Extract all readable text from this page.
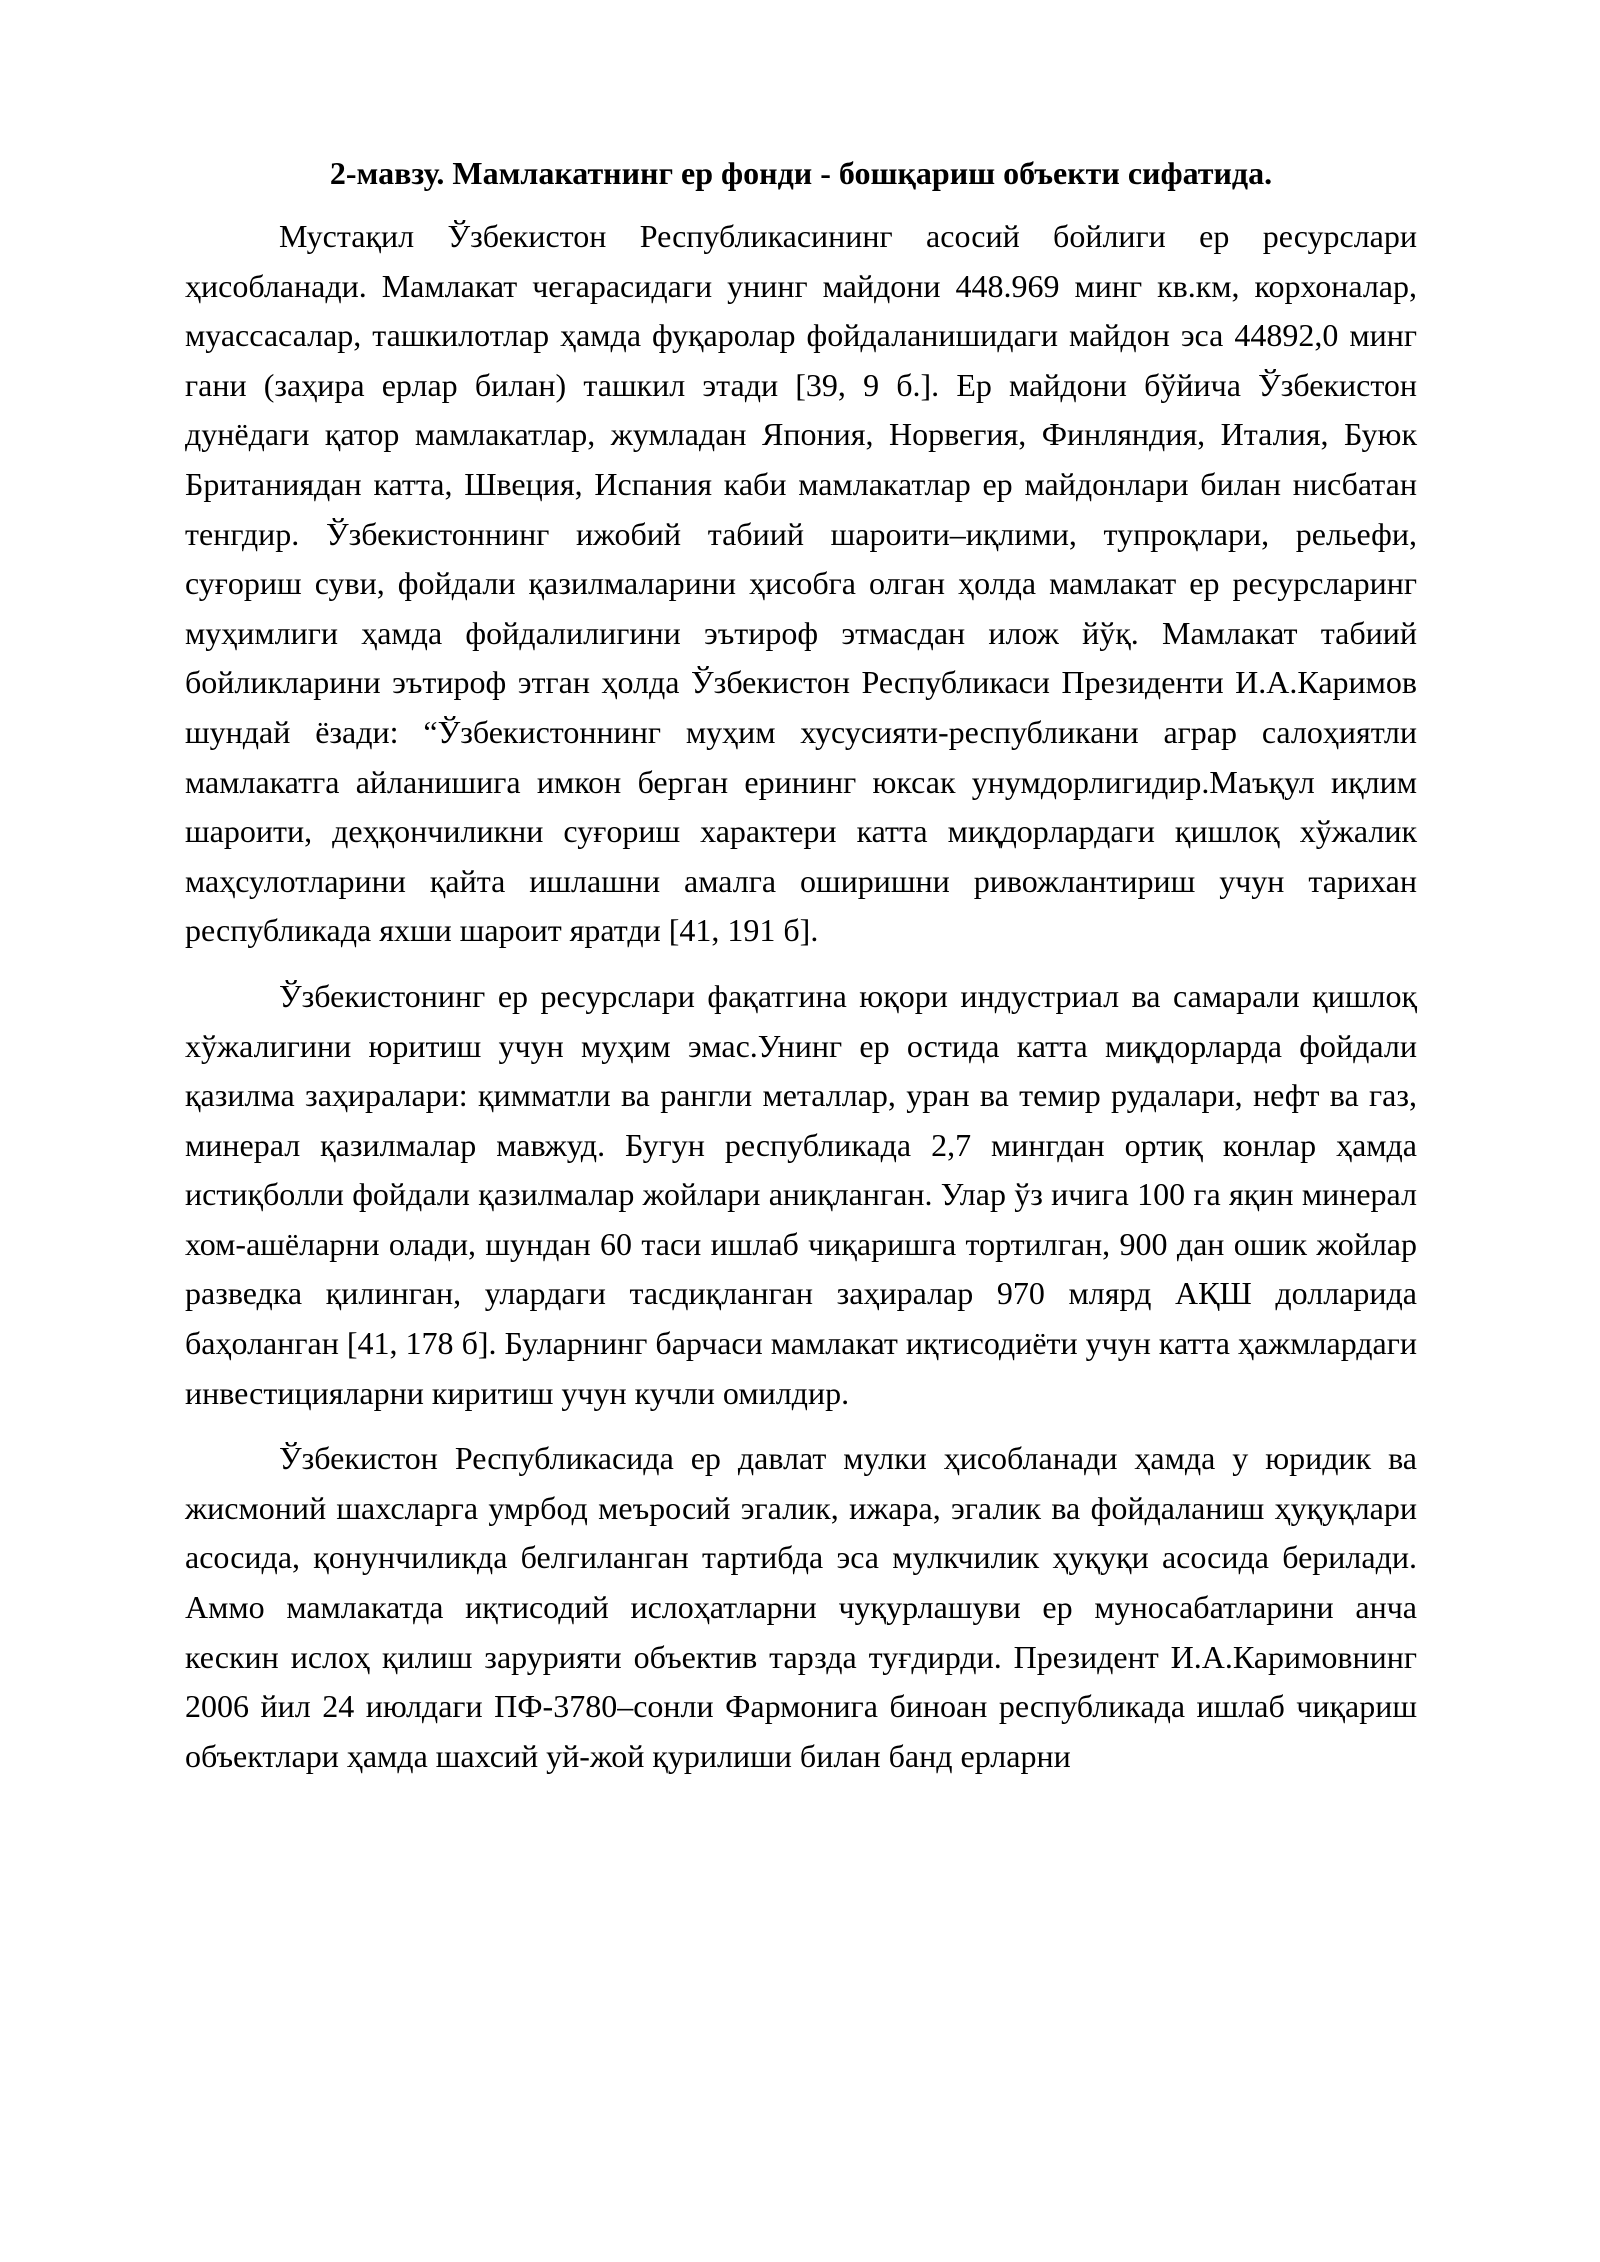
2-мавзу. Мамлакатнинг ер фонди - бошқариш объекти сифатида.

Мустақил Ўзбекистон Республикасининг асосий бойлиги ер ресурслари ҳисобланади. Мамлакат чегарасидаги унинг майдони 448.969 минг кв.км, корхоналар, муассасалар, ташкилотлар ҳамда фуқаролар фойдаланишидаги майдон эса 44892,0 минг гани (заҳира ерлар билан) ташкил этади [39, 9 б.]. Ер майдони бўйича Ўзбекистон дунёдаги қатор мамлакатлар, жумладан Япония, Норвегия, Финляндия, Италия, Буюк Британиядан катта, Швеция, Испания каби мамлакатлар ер майдонлари билан нисбатан тенгдир. Ўзбекистоннинг ижобий табиий шароити–иқлими, тупроқлари, рельефи, суғориш суви, фойдали қазилмаларини ҳисобга олган ҳолда мамлакат ер ресурсларинг муҳимлиги ҳамда фойдалилигини эътироф этмасдан илож йўқ. Мамлакат табиий бойликларини эътироф этган ҳолда Ўзбекистон Республикаси Президенти И.А.Каримов шундай ёзади: “Ўзбекистоннинг муҳим хусусияти-республикани аграр салоҳиятли мамлакатга айланишига имкон берган ерининг юксак унумдорлигидир.Маъқул иқлим шароити, деҳқончиликни суғориш характери катта миқдорлардаги қишлоқ хўжалик маҳсулотларини қайта ишлашни амалга оширишни ривожлантириш учун тарихан республикада яхши шароит яратди [41, 191 б].

Ўзбекистонинг ер ресурслари фақатгина юқори индустриал ва самарали қишлоқ хўжалигини юритиш учун муҳим эмас.Унинг ер остида катта миқдорларда фойдали қазилма заҳиралари: қимматли ва рангли металлар, уран ва темир рудалари, нефт ва газ, минерал қазилмалар мавжуд. Бугун республикада 2,7 мингдан ортиқ конлар ҳамда истиқболли фойдали қазилмалар жойлари аниқланган. Улар ўз ичига 100 га яқин минерал хом-ашёларни олади, шундан 60 таси ишлаб чиқаришга тортилган, 900 дан ошик жойлар разведка қилинган, улардаги тасдиқланган заҳиралар 970 млярд АҚШ долларида баҳоланган [41, 178 б]. Буларнинг барчаси мамлакат иқтисодиёти учун катта ҳажмлардаги инвестицияларни киритиш учун кучли омилдир.

Ўзбекистон Республикасида ер давлат мулки ҳисобланади ҳамда у юридик ва жисмоний шахсларга умрбод меъросий эгалик, ижара, эгалик ва фойдаланиш ҳуқуқлари асосида, қонунчиликда белгиланган тартибда эса мулкчилик ҳуқуқи асосида берилади. Аммо мамлакатда иқтисодий ислоҳатларни чуқурлашуви ер муносабатларини анча кескин ислоҳ қилиш зарурияти объектив тарзда туғдирди. Президент И.А.Каримовнинг 2006 йил 24 июлдаги ПФ-3780–сонли Фармонига биноан республикада ишлаб чиқариш объектлари ҳамда шахсий уй-жой қурилиши билан банд ерларни
